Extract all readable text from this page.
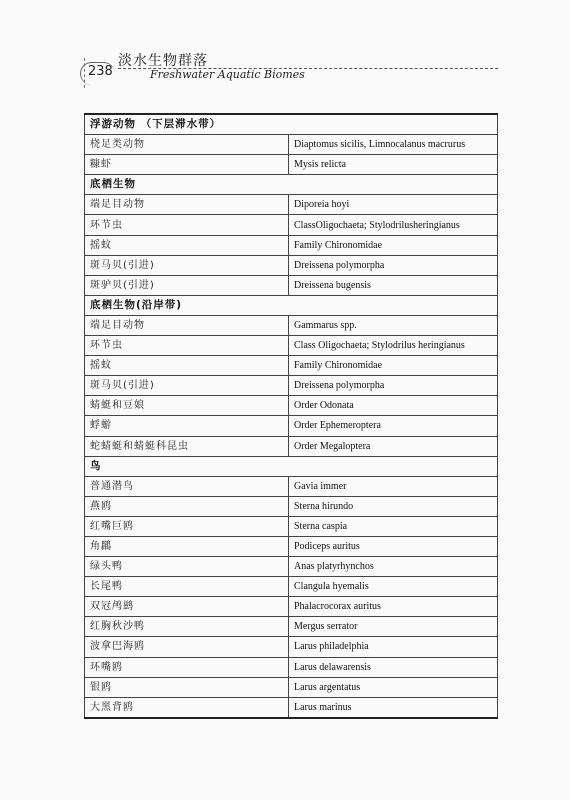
238
淡水生物群落
Freshwater Aquatic Biomes
浮游动物 （下层滞水带）	
桡足类动物	Diaptomus sicilis, Limnocalanus macrurus
糠虾	Mysis relicta
底栖生物	
端足目动物	Diporeia hoyi
环节虫	ClassOligochaeta; Stylodrilusheringianus
摇蚊	Family Chironomidae
斑马贝(引进)	Dreissena polymorpha
斑驴贝(引进)	Dreissena bugensis
底栖生物(沿岸带)	
端足目动物	Gammarus spp.
环节虫	Class Oligochaeta; Stylodrilus heringianus
摇蚊	Family Chironomidae
斑马贝(引进)	Dreissena polymorpha
蜻蜓和豆娘	Order Odonata
蜉蝣	Order Ephemeroptera
蛇蜻蜓和蜻蜓科昆虫	Order Megaloptera
鸟	
普通潜鸟	Gavia immer
燕鸥	Sterna hirundo
红嘴巨鸥	Sterna caspia
角鸊	Podiceps auritus
绿头鸭	Anas platyrhynchos
长尾鸭	Clangula hyemalis
双冠鸬鹚	Phalacrocorax auritus
红胸秋沙鸭	Mergus serrator
波拿巴海鸥	Larus philadelphia
环嘴鸥	Larus delawarensis
银鸥	Larus argentatus
大黑背鸥	Larus marinus
